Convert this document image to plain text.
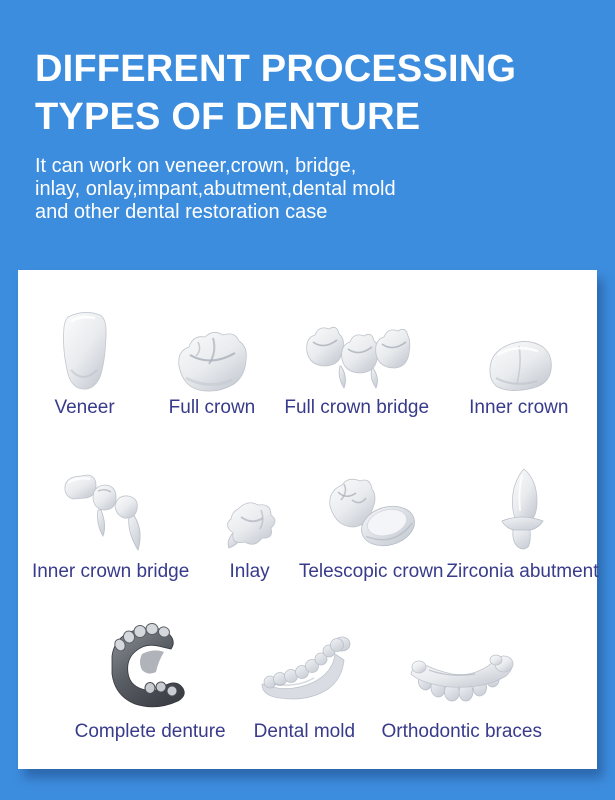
DIFFERENT PROCESSING
TYPES OF DENTURE

It can work on veneer,crown, bridge,
inlay, onlay,impant,abutment,dental mold
and other dental restoration case

Veneer	Full crown Full crown bridge Inner crown
Inner crown bridge Inlay Telescopic crown Zirconia abutment
Complete denture Dental mold Orthodontic braces
